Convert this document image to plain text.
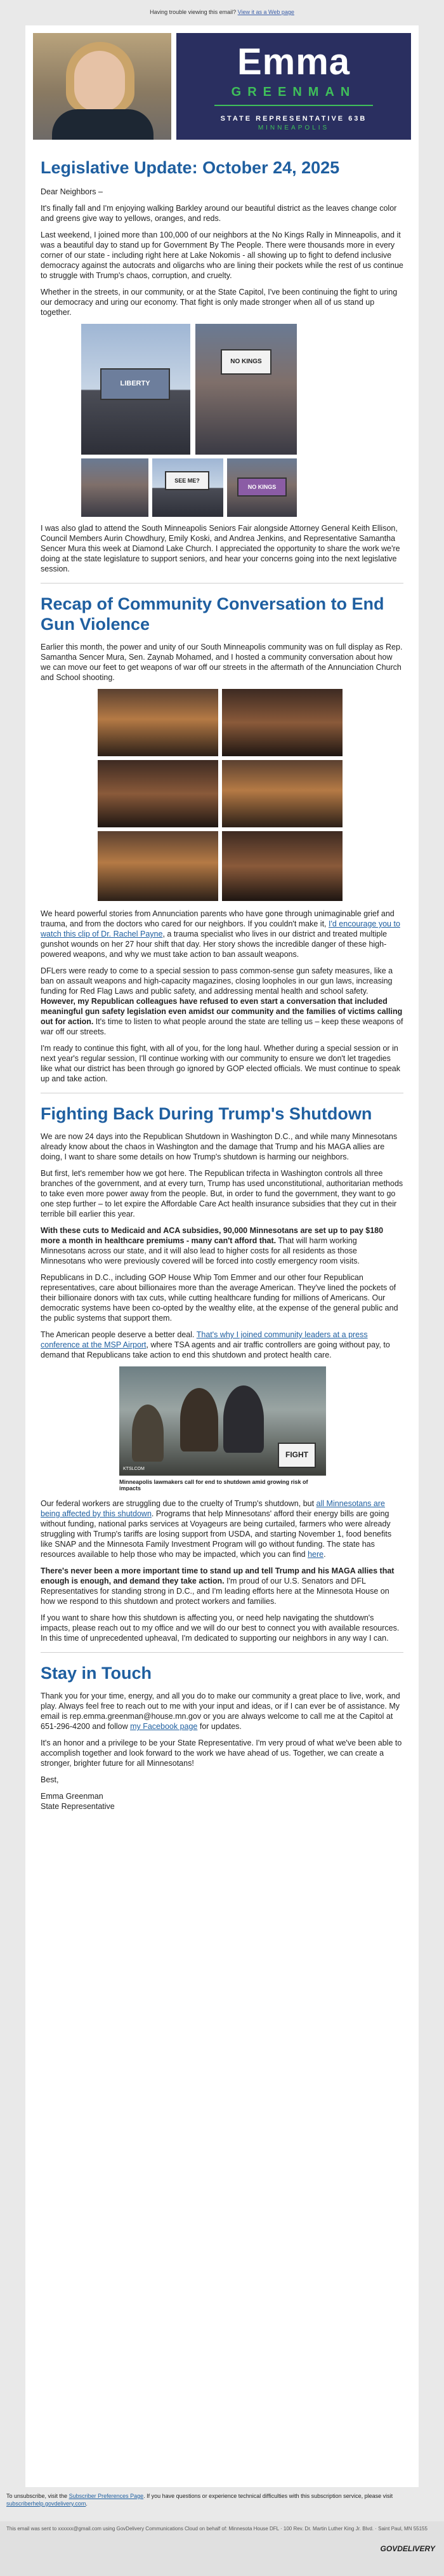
Having trouble viewing this email? View it as a Web page
Emma
GREENMAN
STATE REPRESENTATIVE 63B
MINNEAPOLIS
Legislative Update: October 24, 2025

Dear Neighbors –

It's finally fall and I'm enjoying walking Barkley around our beautiful district as the leaves change color and greens give way to yellows, oranges, and reds.

Last weekend, I joined more than 100,000 of our neighbors at the No Kings Rally in Minneapolis, and it was a beautiful day to stand up for Government By The People. There were thousands more in every corner of our state - including right here at Lake Nokomis - all showing up to fight to defend inclusive democracy against the autocrats and oligarchs who are lining their pockets while the rest of us continue to struggle with Trump's chaos, corruption, and cruelty.

Whether in the streets, in our community, or at the State Capitol, I've been continuing the fight to uring our democracy and uring our economy. That fight is only made stronger when all of us stand up together.

LIBERTY
NO KINGS
SEE ME?
NO KINGS

I was also glad to attend the South Minneapolis Seniors Fair alongside Attorney General Keith Ellison, Council Members Aurin Chowdhury, Emily Koski, and Andrea Jenkins, and Representative Samantha Sencer Mura this week at Diamond Lake Church. I appreciated the opportunity to share the work we're doing at the state legislature to support seniors, and hear your concerns going into the next legislative session.

Recap of Community Conversation to End Gun Violence

Earlier this month, the power and unity of our South Minneapolis community was on full display as Rep. Samantha Sencer Mura, Sen. Zaynab Mohamed, and I hosted a community conversation about how we can move our feet to get weapons of war off our streets in the aftermath of the Annunciation Church and School shooting.

We heard powerful stories from Annunciation parents who have gone through unimaginable grief and trauma, and from the doctors who cared for our neighbors. If you couldn't make it, I'd encourage you to watch this clip of Dr. Rachel Payne, a trauma specialist who lives in our district and treated multiple gunshot wounds on her 27 hour shift that day. Her story shows the incredible danger of these high-powered weapons, and why we must take action to ban assault weapons.

DFLers were ready to come to a special session to pass common-sense gun safety measures, like a ban on assault weapons and high-capacity magazines, closing loopholes in our gun laws, increasing funding for Red Flag Laws and public safety, and addressing mental health and school safety. However, my Republican colleagues have refused to even start a conversation that included meaningful gun safety legislation even amidst our community and the families of victims calling out for action. It's time to listen to what people around the state are telling us – keep these weapons of war off our streets.

I'm ready to continue this fight, with all of you, for the long haul. Whether during a special session or in next year's regular session, I'll continue working with our community to ensure we don't let tragedies like what our district has been through go ignored by GOP elected officials. We must continue to speak up and take action.

Fighting Back During Trump's Shutdown

We are now 24 days into the Republican Shutdown in Washington D.C., and while many Minnesotans already know about the chaos in Washington and the damage that Trump and his MAGA allies are doing, I want to share some details on how Trump's shutdown is harming our neighbors.

But first, let's remember how we got here. The Republican trifecta in Washington controls all three branches of the government, and at every turn, Trump has used unconstitutional, authoritarian methods to take even more power away from the people. But, in order to fund the government, they want to go one step further – to let expire the Affordable Care Act health insurance subsidies that they cut in their terrible bill earlier this year.

With these cuts to Medicaid and ACA subsidies, 90,000 Minnesotans are set up to pay $180 more a month in healthcare premiums - many can't afford that. That will harm working Minnesotans across our state, and it will also lead to higher costs for all residents as those Minnesotans who were previously covered will be forced into costly emergency room visits.

Republicans in D.C., including GOP House Whip Tom Emmer and our other four Republican representatives, care about billionaires more than the average American. They've lined the pockets of their billionaire donors with tax cuts, while cutting healthcare funding for millions of Americans. Our democratic systems have been co-opted by the wealthy elite, at the expense of the general public and the public systems that support them.

The American people deserve a better deal. That's why I joined community leaders at a press conference at the MSP Airport, where TSA agents and air traffic controllers are going without pay, to demand that Republicans take action to end this shutdown and protect health care.

FIGHT
KTSLCOM
Minneapolis lawmakers call for end to shutdown amid growing risk of impacts

Our federal workers are struggling due to the cruelty of Trump's shutdown, but all Minnesotans are being affected by this shutdown. Programs that help Minnesotans' afford their energy bills are going without funding, national parks services at Voyageurs are being curtailed, farmers who were already struggling with Trump's tariffs are losing support from USDA, and starting November 1, food benefits like SNAP and the Minnesota Family Investment Program will go without funding. The state has resources available to help those who may be impacted, which you can find here.

There's never been a more important time to stand up and tell Trump and his MAGA allies that enough is enough, and demand they take action. I'm proud of our U.S. Senators and DFL Representatives for standing strong in D.C., and I'm leading efforts here at the Minnesota House on how we respond to this shutdown and protect workers and families.

If you want to share how this shutdown is affecting you, or need help navigating the shutdown's impacts, please reach out to my office and we will do our best to connect you with available resources. In this time of unprecedented upheaval, I'm dedicated to supporting our neighbors in any way I can.

Stay in Touch

Thank you for your time, energy, and all you do to make our community a great place to live, work, and play. Always feel free to reach out to me with your input and ideas, or if I can ever be of assistance. My email is rep.emma.greenman@house.mn.gov or you are always welcome to call me at the Capitol at 651-296-4200 and follow my Facebook page for updates.

It's an honor and a privilege to be your State Representative. I'm very proud of what we've been able to accomplish together and look forward to the work we have ahead of us. Together, we can create a stronger, brighter future for all Minnesotans!

Best,

Emma Greenman

State Representative

To unsubscribe, visit the Subscriber Preferences Page. If you have questions or experience technical difficulties with this subscription service, please visit subscriberhelp.govdelivery.com.
This email was sent to xxxxxx@gmail.com using GovDelivery Communications Cloud on behalf of: Minnesota House DFL · 100 Rev. Dr. Martin Luther King Jr. Blvd. · Saint Paul, MN 55155
GOVDELIVERY
